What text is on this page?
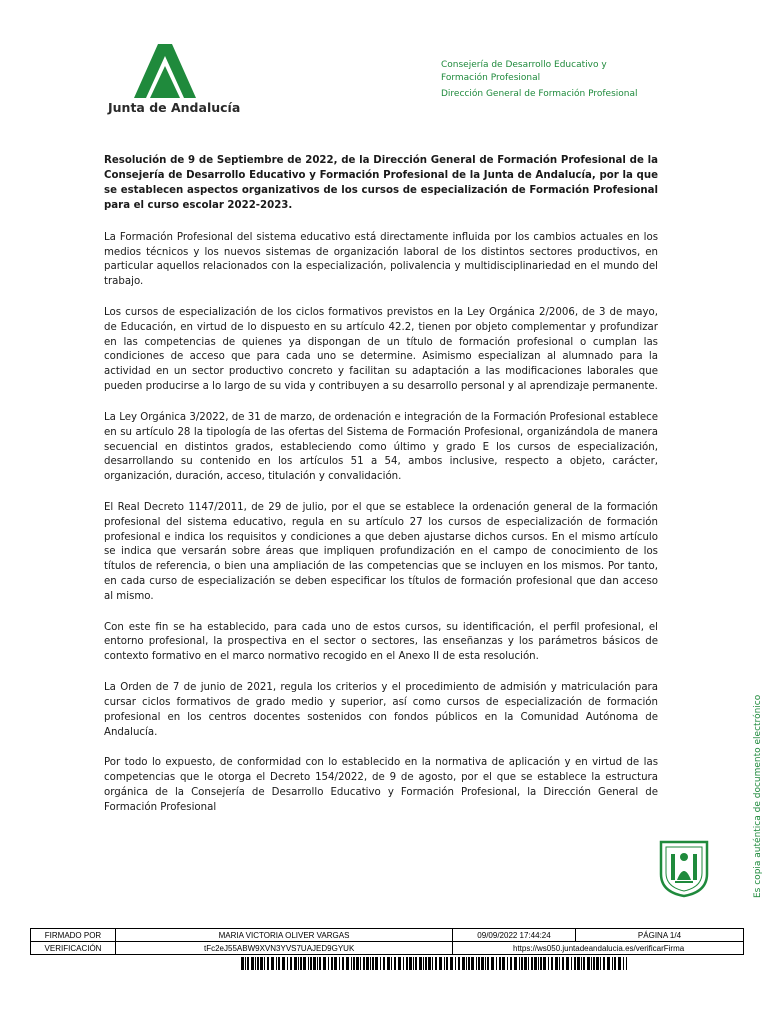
Junta de Andalucía
Consejería de Desarrollo Educativo y
Formación Profesional
Dirección General de Formación Profesional

Resolución de 9 de Septiembre de 2022, de la Dirección General de Formación Profesional de la Consejería de Desarrollo Educativo y Formación Profesional de la Junta de Andalucía, por la que se establecen aspectos organizativos de los cursos de especialización de Formación Profesional para el curso escolar 2022-2023.

La Formación Profesional del sistema educativo está directamente influida por los cambios actuales en los medios técnicos y los nuevos sistemas de organización laboral de los distintos sectores productivos, en particular aquellos relacionados con la especialización, polivalencia y multidisciplinariedad en el mundo del trabajo.

Los cursos de especialización de los ciclos formativos previstos en la Ley Orgánica 2/2006, de 3 de mayo, de Educación, en virtud de lo dispuesto en su artículo 42.2, tienen por objeto complementar y profundizar en las competencias de quienes ya dispongan de un título de formación profesional o cumplan las condiciones de acceso que para cada uno se determine. Asimismo especializan al alumnado para la actividad en un sector productivo concreto y facilitan su adaptación a las modificaciones laborales que pueden producirse a lo largo de su vida y contribuyen a su desarrollo personal y al aprendizaje permanente.

La Ley Orgánica 3/2022, de 31 de marzo, de ordenación e integración de la Formación Profesional establece en su artículo 28 la tipología de las ofertas del Sistema de Formación Profesional, organizándola de manera secuencial en distintos grados, estableciendo como último y grado E los cursos de especialización, desarrollando su contenido en los artículos 51 a 54, ambos inclusive, respecto a objeto, carácter, organización, duración, acceso, titulación y convalidación.

El Real Decreto 1147/2011, de 29 de julio, por el que se establece la ordenación general de la formación profesional del sistema educativo, regula en su artículo 27 los cursos de especialización de formación profesional e indica los requisitos y condiciones a que deben ajustarse dichos cursos. En el mismo artículo se indica que versarán sobre áreas que impliquen profundización en el campo de conocimiento de los títulos de referencia, o bien una ampliación de las competencias que se incluyen en los mismos. Por tanto, en cada curso de especialización se deben especificar los títulos de formación profesional que dan acceso al mismo.

Con este fin se ha establecido, para cada uno de estos cursos, su identificación, el perfil profesional, el entorno profesional, la prospectiva en el sector o sectores, las enseñanzas y los parámetros básicos de contexto formativo en el marco normativo recogido en el Anexo II de esta resolución.

La Orden de 7 de junio de 2021, regula los criterios y el procedimiento de admisión y matriculación para cursar ciclos formativos de grado medio y superior, así como cursos de especialización de formación profesional en los centros docentes sostenidos con fondos públicos en la Comunidad Autónoma de Andalucía.

Por todo lo expuesto, de conformidad con lo establecido en la normativa de aplicación y en virtud de las competencias que le otorga el Decreto 154/2022, de 9 de agosto, por el que se establece la estructura orgánica de la Consejería de Desarrollo Educativo y Formación Profesional, la Dirección General de Formación Profesional	Es copia auténtica de documento electrónico
FIRMADO POR	MARIA VICTORIA OLIVER VARGAS	09/09/2022 17:44:24	PÁGINA 1/4
VERIFICACIÓN	tFc2eJ55ABW9XVN3YVS7UAJED9GYUK	https://ws050.juntadeandalucia.es/verificarFirma	
